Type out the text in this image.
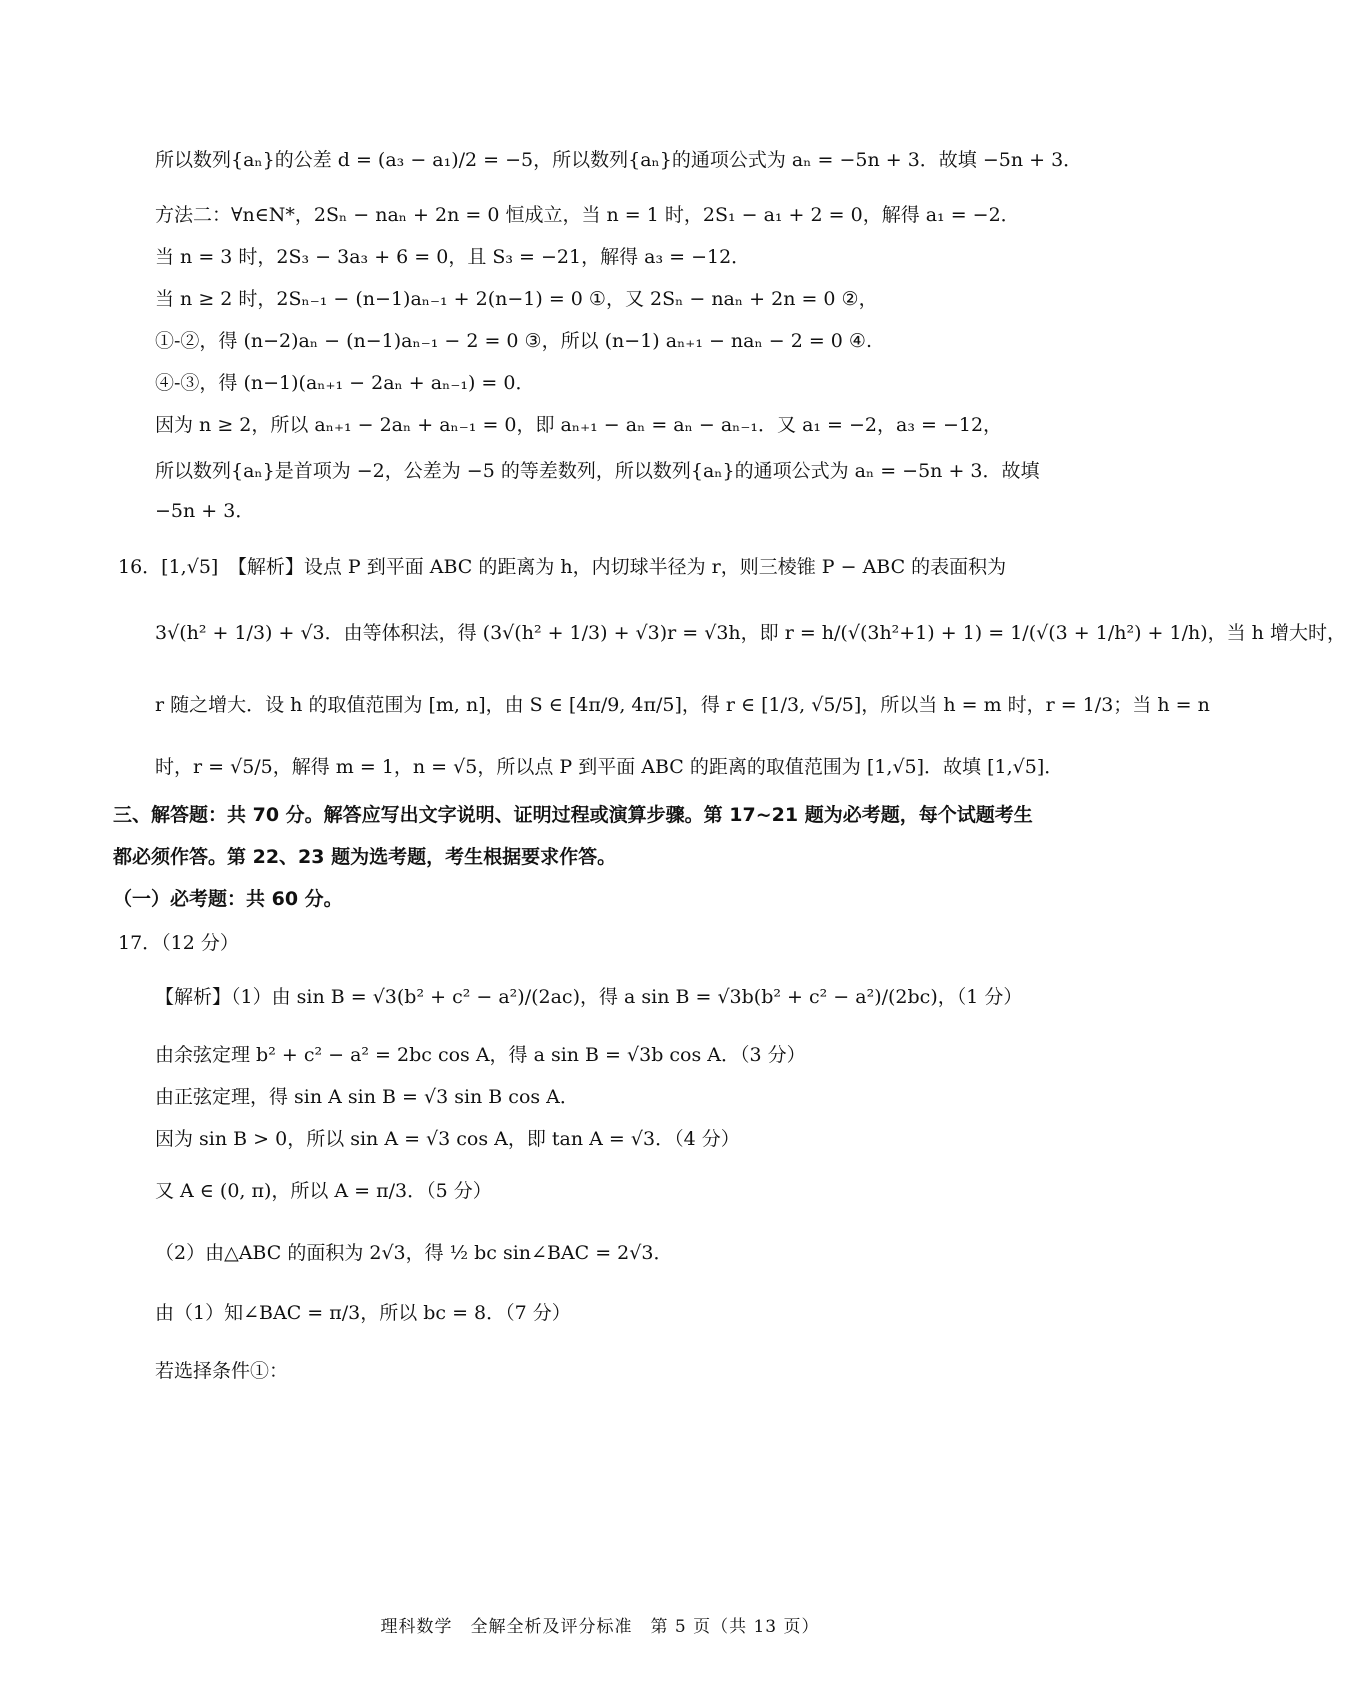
所以数列{aₙ}的公差 d = (a₃ − a₁)/2 = −5，所以数列{aₙ}的通项公式为 aₙ = −5n + 3．故填 −5n + 3．
方法二：∀n∈N*，2Sₙ − naₙ + 2n = 0 恒成立，当 n = 1 时，2S₁ − a₁ + 2 = 0，解得 a₁ = −2．
当 n = 3 时，2S₃ − 3a₃ + 6 = 0，且 S₃ = −21，解得 a₃ = −12．
当 n ≥ 2 时，2Sₙ₋₁ − (n−1)aₙ₋₁ + 2(n−1) = 0 ①，又 2Sₙ − naₙ + 2n = 0 ②，
①-②，得 (n−2)aₙ − (n−1)aₙ₋₁ − 2 = 0 ③，所以 (n−1) aₙ₊₁ − naₙ − 2 = 0 ④.
④-③，得 (n−1)(aₙ₊₁ − 2aₙ + aₙ₋₁) = 0．
因为 n ≥ 2，所以 aₙ₊₁ − 2aₙ + aₙ₋₁ = 0，即 aₙ₊₁ − aₙ = aₙ − aₙ₋₁．又 a₁ = −2，a₃ = −12，
所以数列{aₙ}是首项为 −2，公差为 −5 的等差数列，所以数列{aₙ}的通项公式为 aₙ = −5n + 3．故填
−5n + 3．
16．[1,√5]　【解析】设点 P 到平面 ABC 的距离为 h，内切球半径为 r，则三棱锥 P − ABC 的表面积为
3√(h² + 1/3) + √3．由等体积法，得 (3√(h² + 1/3) + √3)r = √3h，即 r = h/(√(3h²+1) + 1) = 1/(√(3 + 1/h²) + 1/h)，当 h 增大时，
r 随之增大．设 h 的取值范围为 [m, n]，由 S ∈ [4π/9, 4π/5]，得 r ∈ [1/3, √5/5]，所以当 h = m 时，r = 1/3；当 h = n
时，r = √5/5，解得 m = 1，n = √5，所以点 P 到平面 ABC 的距离的取值范围为 [1,√5]．故填 [1,√5]．
三、解答题：共 70 分。解答应写出文字说明、证明过程或演算步骤。第 17~21 题为必考题，每个试题考生
都必须作答。第 22、23 题为选考题，考生根据要求作答。
（一）必考题：共 60 分。
17．（12 分）
【解析】（1）由 sin B = √3(b² + c² − a²)/(2ac)，得 a sin B = √3b(b² + c² − a²)/(2bc)，（1 分）
由余弦定理 b² + c² − a² = 2bc cos A，得 a sin B = √3b cos A．（3 分）
由正弦定理，得 sin A sin B = √3 sin B cos A．
因为 sin B > 0，所以 sin A = √3 cos A，即 tan A = √3．（4 分）
又 A ∈ (0, π)，所以 A = π/3．（5 分）
（2）由△ABC 的面积为 2√3，得 ½ bc sin∠BAC = 2√3．
由（1）知∠BAC = π/3，所以 bc = 8．（7 分）
若选择条件①：
理科数学　全解全析及评分标准　第 5 页（共 13 页）
